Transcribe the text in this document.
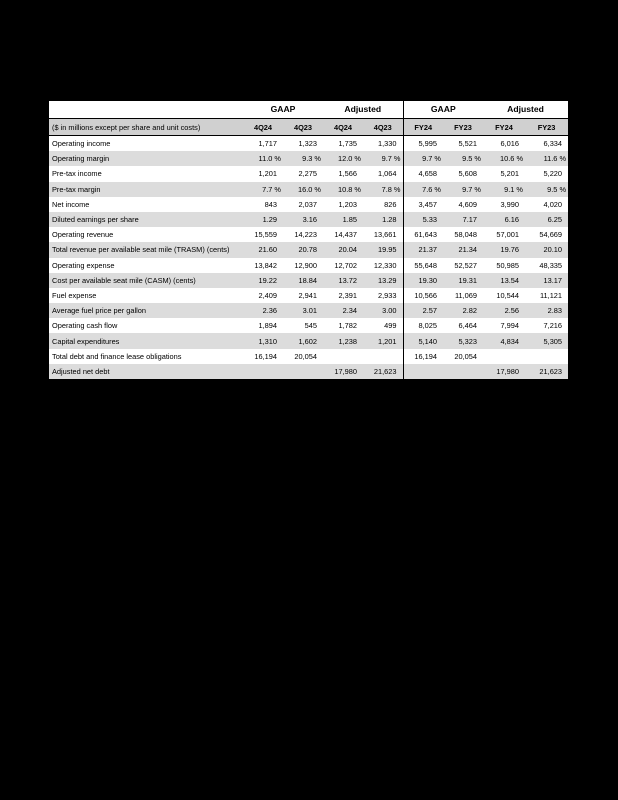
	GAAP		Adjusted		GAAP		Adjusted	
($ in millions except per share and unit costs)	4Q24	4Q23	4Q24	4Q23	FY24	FY23	FY24	FY23
Operating income	1,717	1,323	1,735	1,330	5,995	5,521	6,016	6,334
Operating margin	11.0 %	9.3 %	12.0 %	9.7 %	9.7 %	9.5 %	10.6 %	11.6 %
Pre-tax income	1,201	2,275	1,566	1,064	4,658	5,608	5,201	5,220
Pre-tax margin	7.7 %	16.0 %	10.8 %	7.8 %	7.6 %	9.7 %	9.1 %	9.5 %
Net income	843	2,037	1,203	826	3,457	4,609	3,990	4,020
Diluted earnings per share	1.29	3.16	1.85	1.28	5.33	7.17	6.16	6.25
Operating revenue	15,559	14,223	14,437	13,661	61,643	58,048	57,001	54,669
Total revenue per available seat mile (TRASM) (cents)	21.60	20.78	20.04	19.95	21.37	21.34	19.76	20.10
Operating expense	13,842	12,900	12,702	12,330	55,648	52,527	50,985	48,335
Cost per available seat mile (CASM) (cents)	19.22	18.84	13.72	13.29	19.30	19.31	13.54	13.17
Fuel expense	2,409	2,941	2,391	2,933	10,566	11,069	10,544	11,121
Average fuel price per gallon	2.36	3.01	2.34	3.00	2.57	2.82	2.56	2.83
Operating cash flow	1,894	545	1,782	499	8,025	6,464	7,994	7,216
Capital expenditures	1,310	1,602	1,238	1,201	5,140	5,323	4,834	5,305
Total debt and finance lease obligations	16,194	20,054			16,194	20,054		
Adjusted net debt			17,980	21,623			17,980	21,623
